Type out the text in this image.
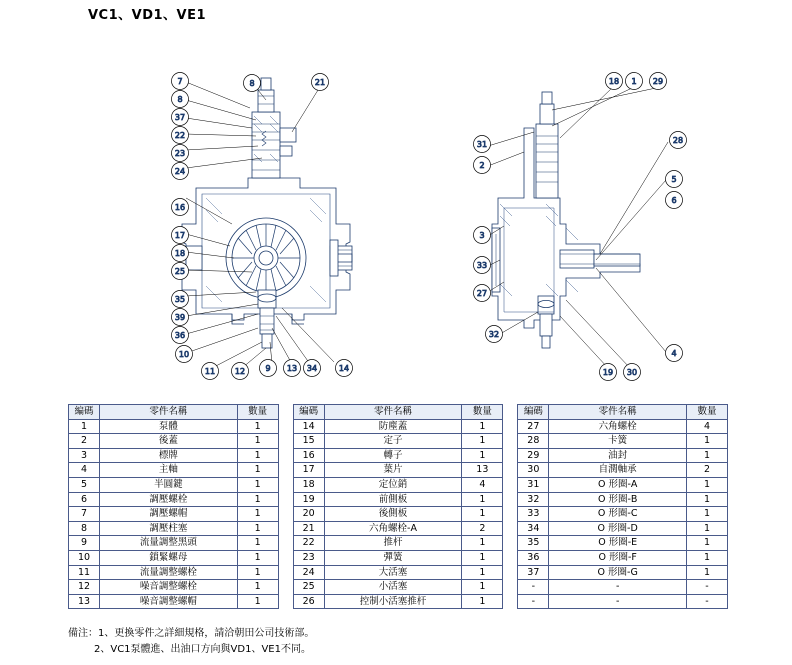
VC1、VD1、VE1
7
8
37
22
23
24
16
17
18
25
35
39
36
10
11 12	9 13 34	14
8	21	18 1 29
31
2
28
5
6
3
33
27
32
4
19 30
編碼	零件名稱	數量
1	泵體	1
2	後蓋	1
3	標牌	1
4	主軸	1
5	半圓鍵	1
6	調壓螺栓	1
7	調壓螺帽	1
8	調壓柱塞	1
9	流量調整黑頭	1
10	鎖緊螺母	1
11	流量調整螺栓	1
12	噪音調整螺栓	1
13	噪音調整螺帽	1
編碼	零件名稱	數量
14	防塵蓋	1
15	定子	1
16	轉子	1
17	葉片	13
18	定位銷	4
19	前側板	1
20	後側板	1
21	六角螺栓-A	2
22	推杆	1
23	彈簧	1
24	大活塞	1
25	小活塞	1
26	控制小活塞推杆	1
編碼	零件名稱	數量
27	六角螺栓	4
28	卡簧	1
29	油封	1
30	自潤軸承	2
31	O 形圈-A	1
32	O 形圈-B	1
33	O 形圈-C	1
34	O 形圈-D	1
35	O 形圈-E	1
36	O 形圈-F	1
37	O 形圈-G	1
-	-	-
-	-	-
備注：1、更換零件之詳細規格，請洽朝田公司技術部。
2、VC1泵體進、出油口方向與VD1、VE1不同。
